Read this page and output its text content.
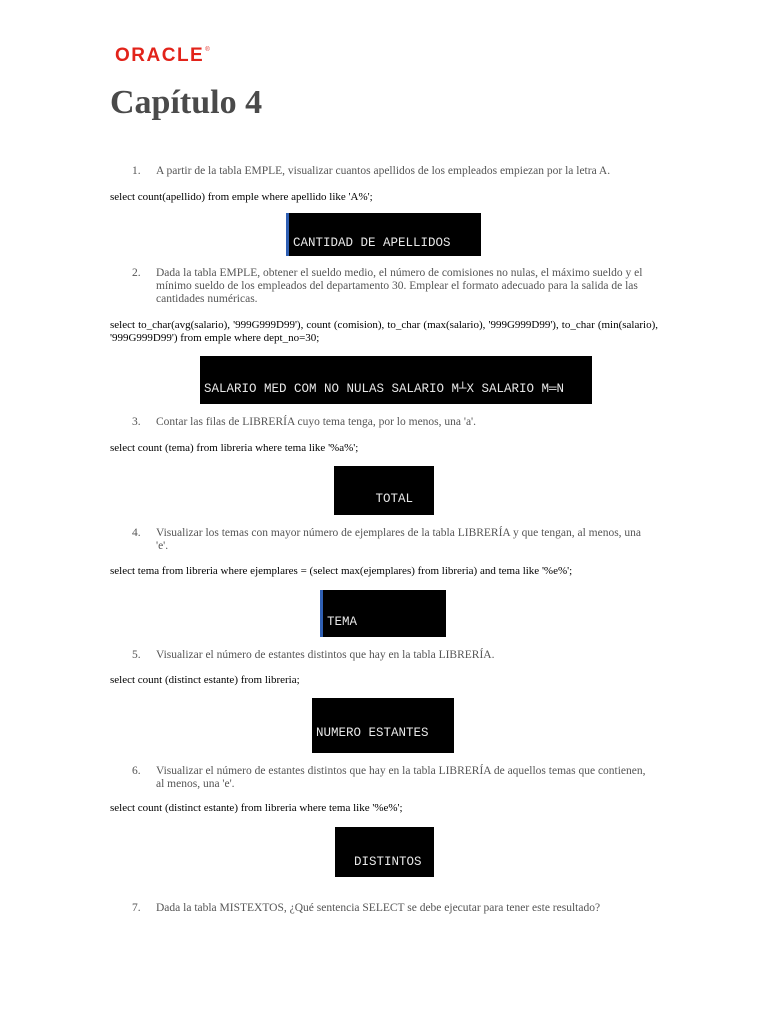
ORACLE®
Capítulo 4
1. A partir de la tabla EMPLE, visualizar cuantos apellidos de los empleados empiezan por la letra A.
select count(apellido) from emple where apellido like 'A%';

CANTIDAD DE APELLIDOS

2. Dada la tabla EMPLE, obtener el sueldo medio, el número de comisiones no nulas, el máximo sueldo y el mínimo sueldo de los empleados del departamento 30. Emplear el formato adecuado para la salida de las cantidades numéricas.
select to_char(avg(salario), '999G999D99'), count (comision), to_char (max(salario), '999G999D99'), to_char (min(salario), '999G999D99') from emple where dept_no=30;

SALARIO MED COM NO NULAS SALARIO M┴X SALARIO M═N

3. Contar las filas de LIBRERÍA cuyo tema tenga, por lo menos, una 'a'.
select count (tema) from libreria where tema like '%a%';

TOTAL

4. Visualizar los temas con mayor número de ejemplares de la tabla LIBRERÍA y que tengan, al menos, una 'e'.
select tema from libreria where ejemplares = (select max(ejemplares) from libreria) and tema like '%e%';

TEMA

5. Visualizar el número de estantes distintos que hay en la tabla LIBRERÍA.
select count (distinct estante) from libreria;

NUMERO ESTANTES

6. Visualizar el número de estantes distintos que hay en la tabla LIBRERÍA de aquellos temas que contienen, al menos, una 'e'.
select count (distinct estante) from libreria where tema like '%e%';

DISTINTOS

7. Dada la tabla MISTEXTOS, ¿Qué sentencia SELECT se debe ejecutar para tener este resultado?
